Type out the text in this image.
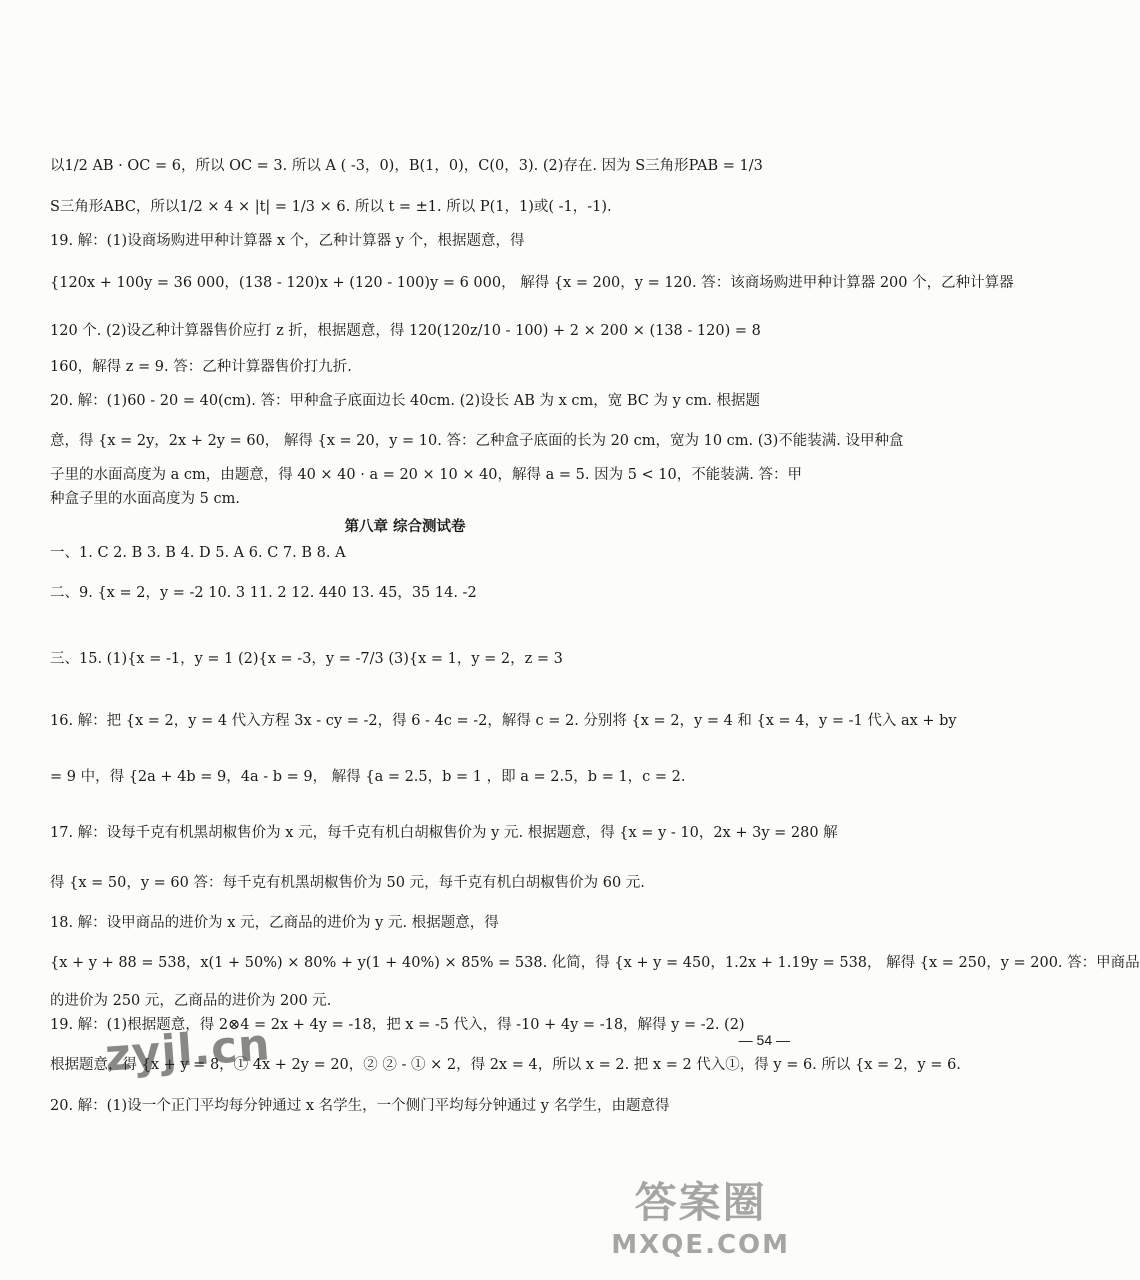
以1/2 AB · OC = 6，所以 OC = 3. 所以 A ( -3，0)，B(1，0)，C(0，3). (2)存在. 因为 S三角形PAB = 1/3
S三角形ABC，所以1/2 × 4 × |t| = 1/3 × 6. 所以 t = ±1. 所以 P(1，1)或( -1，-1).
19. 解：(1)设商场购进甲种计算器 x 个，乙种计算器 y 个，根据题意，得
{120x + 100y = 36 000，(138 - 120)x + (120 - 100)y = 6 000， 解得 {x = 200，y = 120. 答：该商场购进甲种计算器 200 个，乙种计算器
120 个. (2)设乙种计算器售价应打 z 折，根据题意，得 120(120z/10 - 100) + 2 × 200 × (138 - 120) = 8
160，解得 z = 9. 答：乙种计算器售价打九折.
20. 解：(1)60 - 20 = 40(cm). 答：甲种盒子底面边长 40cm. (2)设长 AB 为 x cm，宽 BC 为 y cm. 根据题
意，得 {x = 2y，2x + 2y = 60， 解得 {x = 20，y = 10. 答：乙种盒子底面的长为 20 cm，宽为 10 cm. (3)不能装满. 设甲种盒
子里的水面高度为 a cm，由题意，得 40 × 40 · a = 20 × 10 × 40，解得 a = 5. 因为 5 < 10，不能装满. 答：甲
种盒子里的水面高度为 5 cm.
第八章 综合测试卷
一、1. C 2. B 3. B 4. D 5. A 6. C 7. B 8. A
二、9. {x = 2，y = -2 10. 3 11. 2 12. 440 13. 45，35 14. -2
三、15. (1){x = -1，y = 1 (2){x = -3，y = -7/3 (3){x = 1，y = 2，z = 3
16. 解：把 {x = 2，y = 4 代入方程 3x - cy = -2，得 6 - 4c = -2，解得 c = 2. 分别将 {x = 2，y = 4 和 {x = 4，y = -1 代入 ax + by
= 9 中，得 {2a + 4b = 9，4a - b = 9， 解得 {a = 2.5，b = 1 ，即 a = 2.5，b = 1，c = 2.
17. 解：设每千克有机黑胡椒售价为 x 元，每千克有机白胡椒售价为 y 元. 根据题意，得 {x = y - 10，2x + 3y = 280 解
得 {x = 50，y = 60 答：每千克有机黑胡椒售价为 50 元，每千克有机白胡椒售价为 60 元.
18. 解：设甲商品的进价为 x 元，乙商品的进价为 y 元. 根据题意，得
{x + y + 88 = 538，x(1 + 50%) × 80% + y(1 + 40%) × 85% = 538. 化简，得 {x + y = 450，1.2x + 1.19y = 538， 解得 {x = 250，y = 200. 答：甲商品
的进价为 250 元，乙商品的进价为 200 元.
19. 解：(1)根据题意，得 2⊗4 = 2x + 4y = -18，把 x = -5 代入，得 -10 + 4y = -18，解得 y = -2. (2)
根据题意，得 {x + y = 8，① 4x + 2y = 20，② ② - ① × 2，得 2x = 4，所以 x = 2. 把 x = 2 代入①，得 y = 6. 所以 {x = 2，y = 6.
20. 解：(1)设一个正门平均每分钟通过 x 名学生，一个侧门平均每分钟通过 y 名学生，由题意得
— 54 —
zyjl.cn
答案圈
MXQE.COM
